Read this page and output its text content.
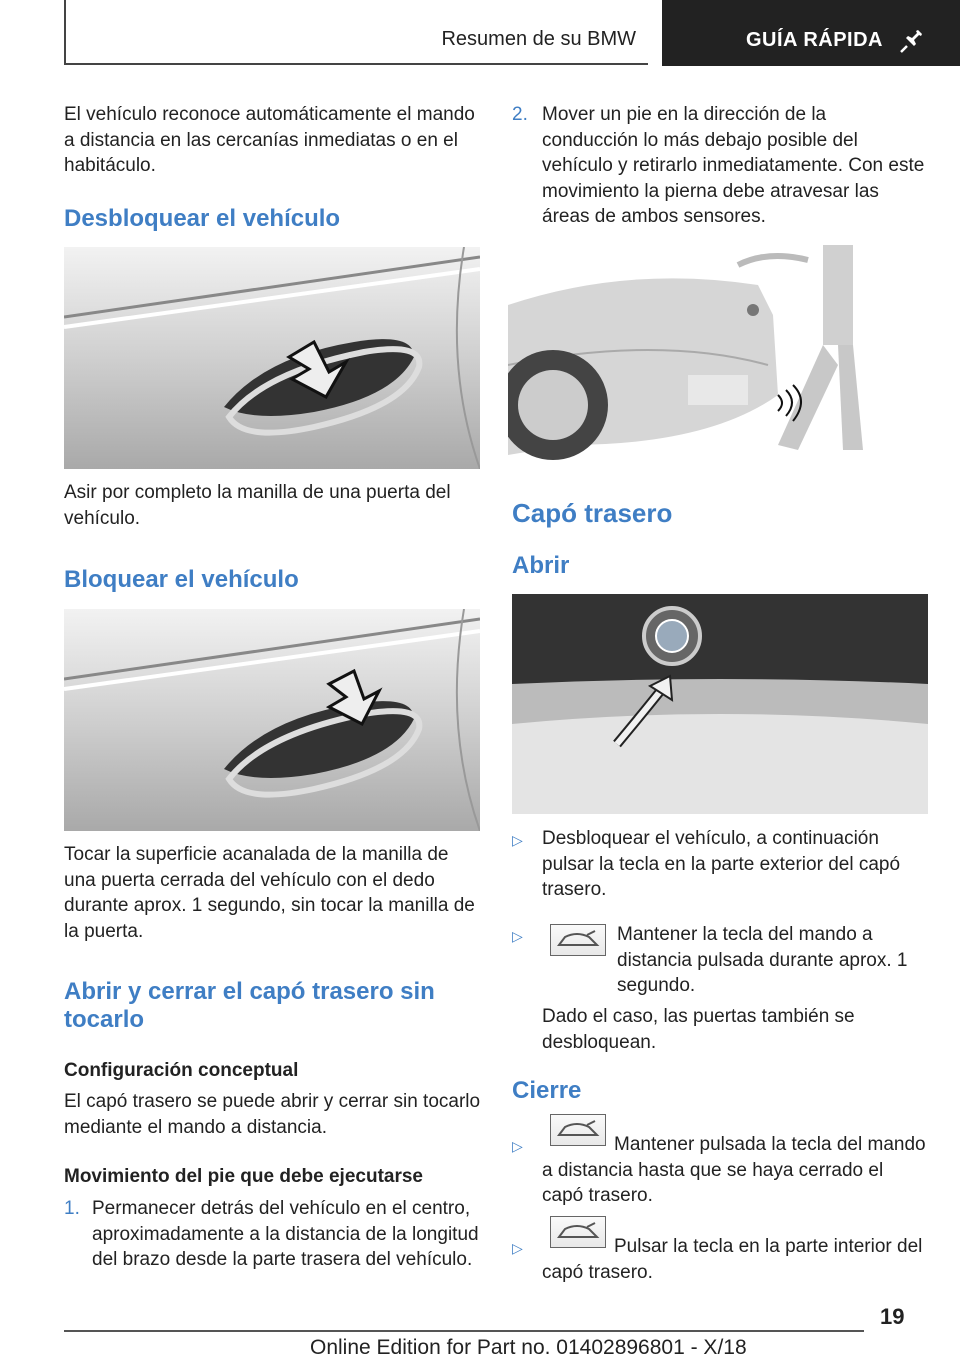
Resumen de su BMW	GUÍA RÁPIDA
El vehículo reconoce automáticamente el mando a distancia en las cercanías inmediatas o en el habitáculo.
Desbloquear el vehículo
Asir por completo la manilla de una puerta del vehículo.
Bloquear el vehículo
Tocar la superficie acanalada de la manilla de una puerta cerrada del vehículo con el dedo durante aprox. 1 segundo, sin tocar la manilla de la puerta.
Abrir y cerrar el capó trasero sin tocarlo
Configuración conceptual
El capó trasero se puede abrir y cerrar sin tocarlo mediante el mando a distancia.
Movimiento del pie que debe ejecutarse
1. Permanecer detrás del vehículo en el centro, aproximadamente a la distancia de la longitud del brazo desde la parte trasera del vehículo.
2. Mover un pie en la dirección de la conducción lo más debajo posible del vehículo y retirarlo inmediatamente. Con este movimiento la pierna debe atravesar las áreas de ambos sensores.
Capó trasero
Abrir
▷ Desbloquear el vehículo, a continuación pulsar la tecla en la parte exterior del capó trasero.
▷	Mantener la tecla del mando a distancia pulsada durante aprox. 1 segundo.
Dado el caso, las puertas también se desbloquean.
Cierre
▷	Mantener pulsada la tecla del mando a distancia hasta que se haya cerrado el capó trasero.
▷	Pulsar la tecla en la parte interior del capó trasero.
19
Online Edition for Part no. 01402896801 - X/18
